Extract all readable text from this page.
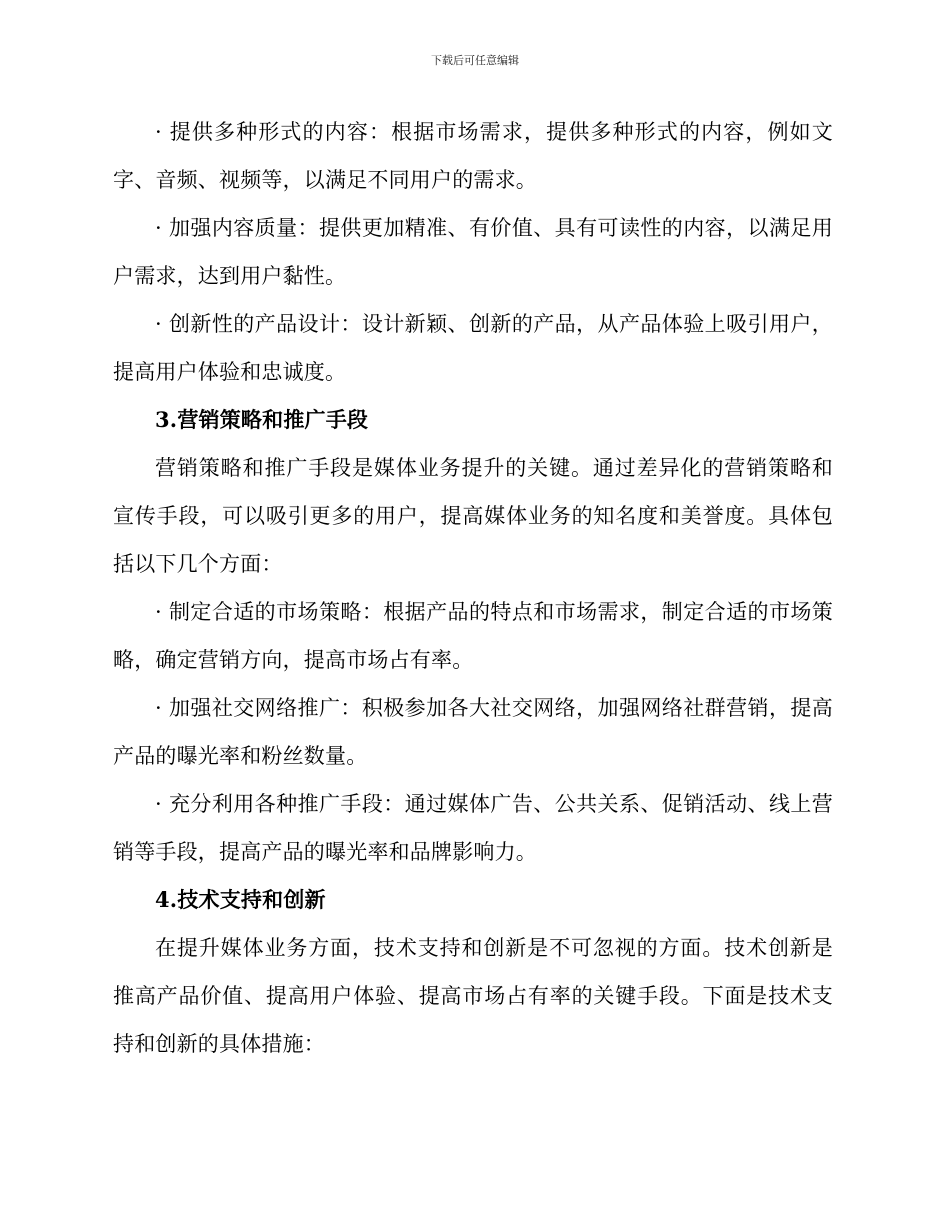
下载后可任意编辑

· 提供多种形式的内容：根据市场需求，提供多种形式的内容，例如文字、音频、视频等，以满足不同用户的需求。

· 加强内容质量：提供更加精准、有价值、具有可读性的内容，以满足用户需求，达到用户黏性。

· 创新性的产品设计：设计新颖、创新的产品，从产品体验上吸引用户，提高用户体验和忠诚度。

3.营销策略和推广手段

营销策略和推广手段是媒体业务提升的关键。通过差异化的营销策略和宣传手段，可以吸引更多的用户，提高媒体业务的知名度和美誉度。具体包括以下几个方面：

· 制定合适的市场策略：根据产品的特点和市场需求，制定合适的市场策略，确定营销方向，提高市场占有率。

· 加强社交网络推广：积极参加各大社交网络，加强网络社群营销，提高产品的曝光率和粉丝数量。

· 充分利用各种推广手段：通过媒体广告、公共关系、促销活动、线上营销等手段，提高产品的曝光率和品牌影响力。

4.技术支持和创新

在提升媒体业务方面，技术支持和创新是不可忽视的方面。技术创新是推高产品价值、提高用户体验、提高市场占有率的关键手段。下面是技术支持和创新的具体措施：
